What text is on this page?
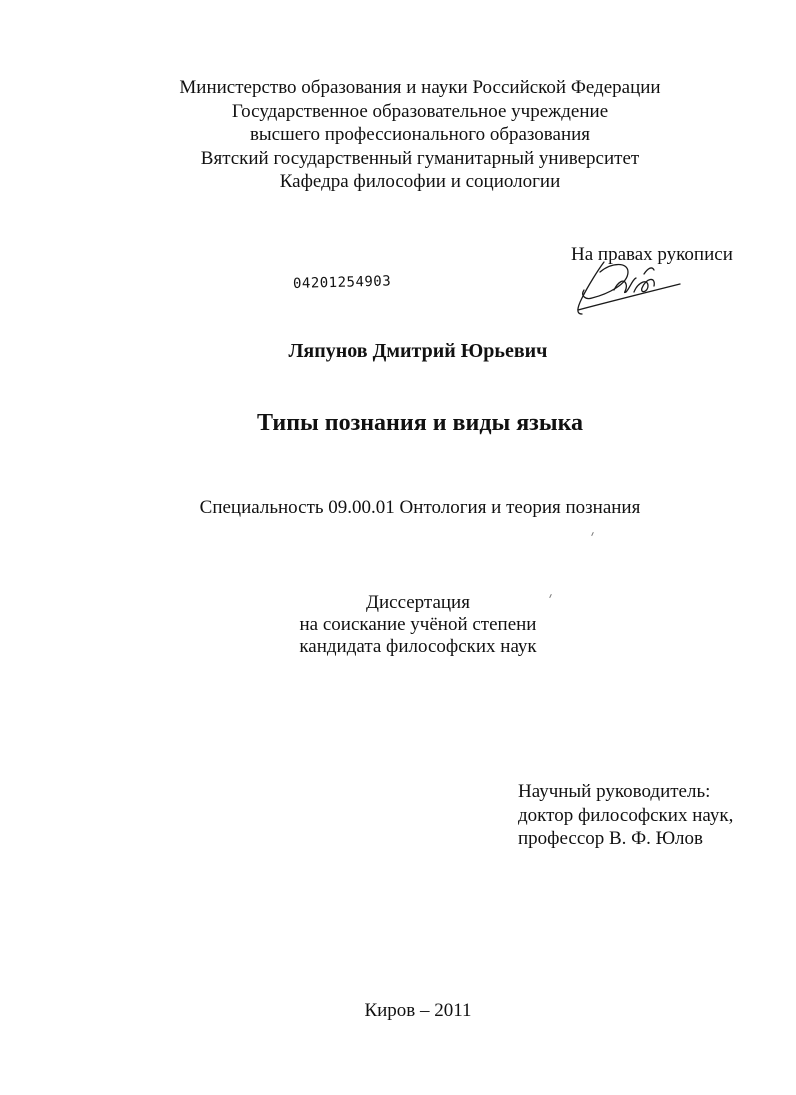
Министерство образования и науки Российской Федерации
Государственное образовательное учреждение
высшего профессионального образования
Вятский государственный гуманитарный университет
Кафедра философии и социологии
На правах рукописи
04201254903
Ляпунов Дмитрий Юрьевич
Типы познания и виды языка
Специальность 09.00.01 Онтология и теория познания
Диссертация
на соискание учёной степени
кандидата философских наук
Научный руководитель:
доктор философских наук,
профессор В. Ф. Юлов
Киров – 2011
